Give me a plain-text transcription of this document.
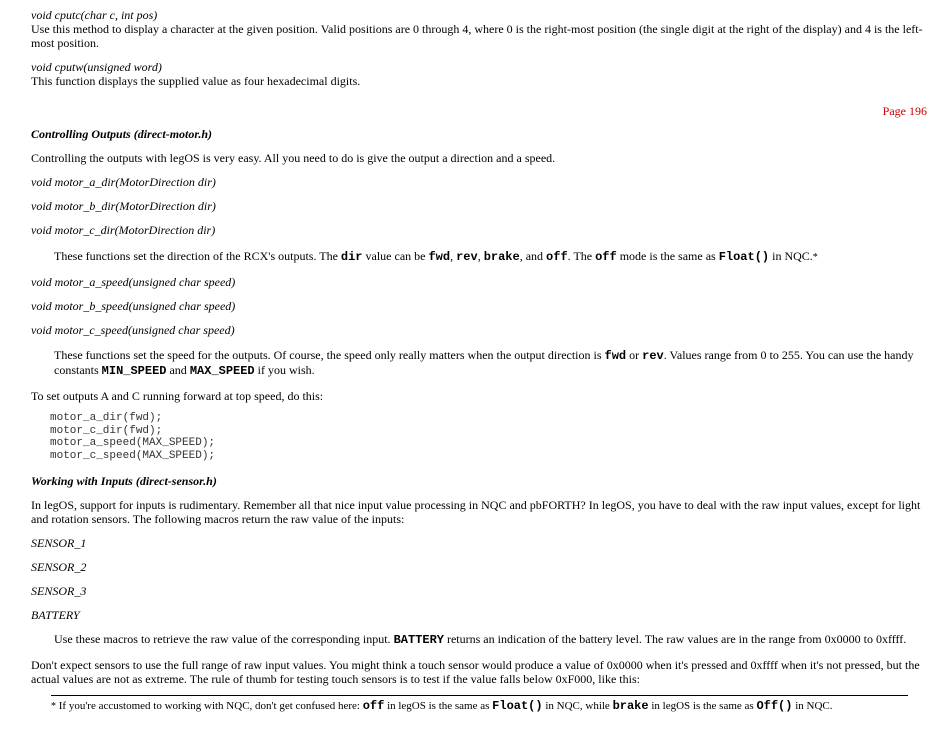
void cputc(char c, int pos)

Use this method to display a character at the given position. Valid positions are 0 through 4, where 0 is the right-most position (the single digit at the right of the display) and 4 is the left-most position.

void cputw(unsigned word)

This function displays the supplied value as four hexadecimal digits.

Page 196

Controlling Outputs (direct-motor.h)

Controlling the outputs with legOS is very easy. All you need to do is give the output a direction and a speed.

void motor_a_dir(MotorDirection dir)

void motor_b_dir(MotorDirection dir)

void motor_c_dir(MotorDirection dir)

These functions set the direction of the RCX's outputs. The dir value can be fwd, rev, brake, and off. The off mode is the same as Float() in NQC.*

void motor_a_speed(unsigned char speed)

void motor_b_speed(unsigned char speed)

void motor_c_speed(unsigned char speed)

These functions set the speed for the outputs. Of course, the speed only really matters when the output direction is fwd or rev. Values range from 0 to 255. You can use the handy constants MIN_SPEED and MAX_SPEED if you wish.

To set outputs A and C running forward at top speed, do this:

motor_a_dir(fwd);
motor_c_dir(fwd);
motor_a_speed(MAX_SPEED);
motor_c_speed(MAX_SPEED);

Working with Inputs (direct-sensor.h)

In legOS, support for inputs is rudimentary. Remember all that nice input value processing in NQC and pbFORTH? In legOS, you have to deal with the raw input values, except for light and rotation sensors. The following macros return the raw value of the inputs:

SENSOR_1

SENSOR_2

SENSOR_3

BATTERY

Use these macros to retrieve the raw value of the corresponding input. BATTERY returns an indication of the battery level. The raw values are in the range from 0x0000 to 0xffff.

Don't expect sensors to use the full range of raw input values. You might think a touch sensor would produce a value of 0x0000 when it's pressed and 0xffff when it's not pressed, but the actual values are not as extreme. The rule of thumb for testing touch sensors is to test if the value falls below 0xF000, like this:

* If you're accustomed to working with NQC, don't get confused here: off in legOS is the same as Float() in NQC, while brake in legOS is the same as Off() in NQC.
